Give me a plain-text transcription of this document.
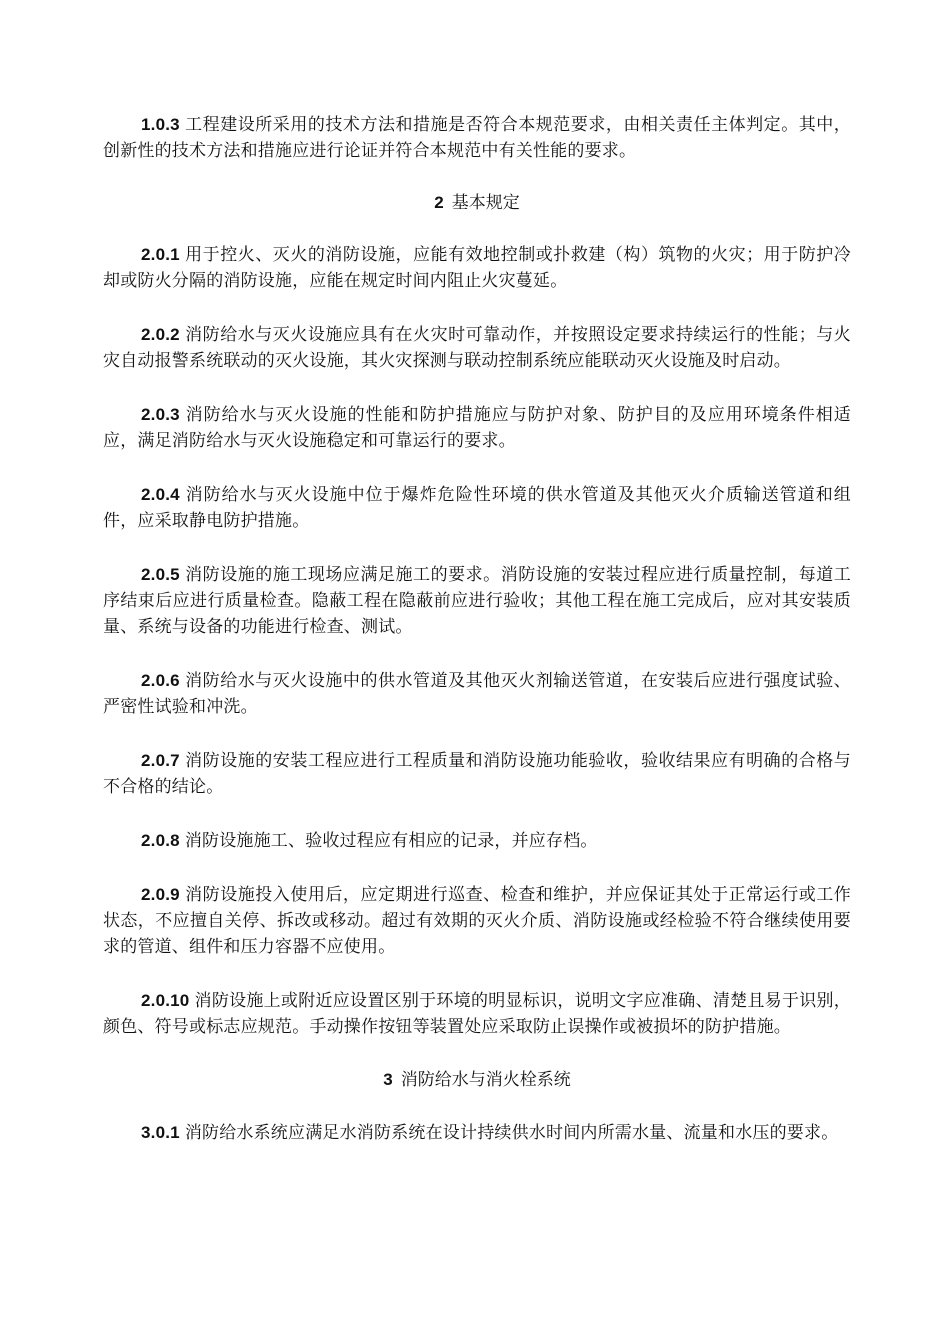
1.0.3 工程建设所采用的技术方法和措施是否符合本规范要求，由相关责任主体判定。其中，创新性的技术方法和措施应进行论证并符合本规范中有关性能的要求。

2 基本规定

2.0.1 用于控火、灭火的消防设施，应能有效地控制或扑救建（构）筑物的火灾；用于防护冷却或防火分隔的消防设施，应能在规定时间内阻止火灾蔓延。

2.0.2 消防给水与灭火设施应具有在火灾时可靠动作，并按照设定要求持续运行的性能；与火灾自动报警系统联动的灭火设施，其火灾探测与联动控制系统应能联动灭火设施及时启动。

2.0.3 消防给水与灭火设施的性能和防护措施应与防护对象、防护目的及应用环境条件相适应，满足消防给水与灭火设施稳定和可靠运行的要求。

2.0.4 消防给水与灭火设施中位于爆炸危险性环境的供水管道及其他灭火介质输送管道和组件，应采取静电防护措施。

2.0.5 消防设施的施工现场应满足施工的要求。消防设施的安装过程应进行质量控制，每道工序结束后应进行质量检查。隐蔽工程在隐蔽前应进行验收；其他工程在施工完成后，应对其安装质量、系统与设备的功能进行检查、测试。

2.0.6 消防给水与灭火设施中的供水管道及其他灭火剂输送管道，在安装后应进行强度试验、严密性试验和冲洗。

2.0.7 消防设施的安装工程应进行工程质量和消防设施功能验收，验收结果应有明确的合格与不合格的结论。

2.0.8 消防设施施工、验收过程应有相应的记录，并应存档。

2.0.9 消防设施投入使用后，应定期进行巡查、检查和维护，并应保证其处于正常运行或工作状态，不应擅自关停、拆改或移动。超过有效期的灭火介质、消防设施或经检验不符合继续使用要求的管道、组件和压力容器不应使用。

2.0.10 消防设施上或附近应设置区别于环境的明显标识，说明文字应准确、清楚且易于识别，颜色、符号或标志应规范。手动操作按钮等装置处应采取防止误操作或被损坏的防护措施。

3 消防给水与消火栓系统

3.0.1 消防给水系统应满足水消防系统在设计持续供水时间内所需水量、流量和水压的要求。
